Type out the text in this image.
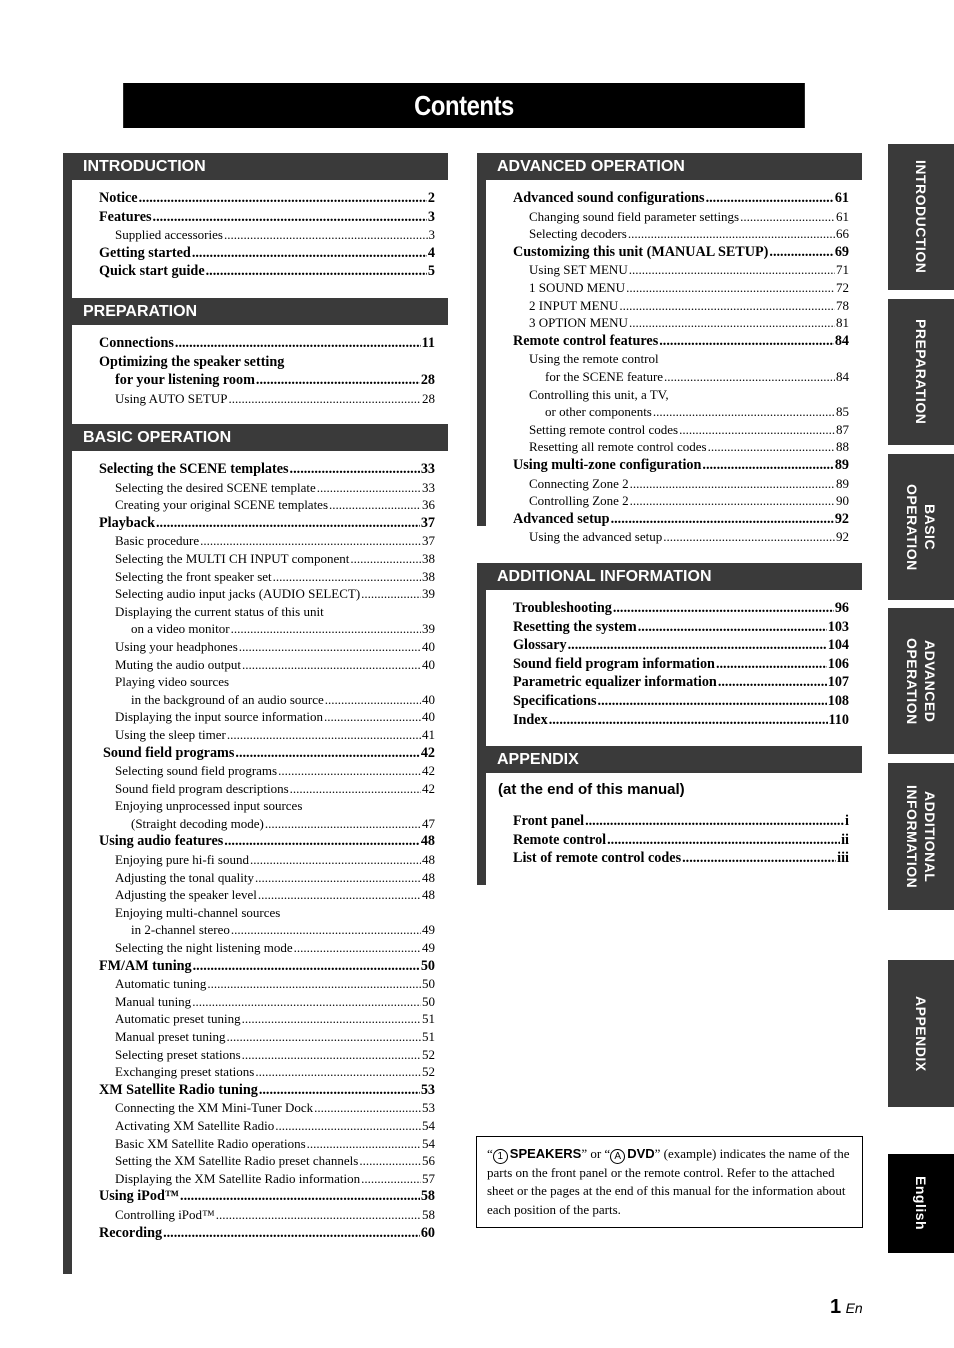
Contents
INTRODUCTION
Notice .....	2
Features .....	3
Supplied accessories .....	3
Getting started .....	4
Quick start guide .....	5
PREPARATION
Connections .....	11
Optimizing the speaker setting
for your listening room .....	28
Using AUTO SETUP .....	28
BASIC OPERATION
Selecting the SCENE templates .....	33
Selecting the desired SCENE template .....	33
Creating your original SCENE templates .....	36
Playback .....	37
Basic procedure .....	37
Selecting the MULTI CH INPUT component .....	38
Selecting the front speaker set .....	38
Selecting audio input jacks (AUDIO SELECT) .....	39
Displaying the current status of this unit
on a video monitor .....	39
Using your headphones .....	40
Muting the audio output .....	40
Playing video sources
in the background of an audio source .....	40
Displaying the input source information .....	40
Using the sleep timer .....	41
Sound field programs .....	42
Selecting sound field programs .....	42
Sound field program descriptions .....	42
Enjoying unprocessed input sources
(Straight decoding mode) .....	47
Using audio features .....	48
Enjoying pure hi-fi sound .....	48
Adjusting the tonal quality .....	48
Adjusting the speaker level .....	48
Enjoying multi-channel sources
in 2-channel stereo .....	49
Selecting the night listening mode .....	49
FM/AM tuning .....	50
Automatic tuning .....	50
Manual tuning .....	50
Automatic preset tuning .....	51
Manual preset tuning .....	51
Selecting preset stations .....	52
Exchanging preset stations .....	52
XM Satellite Radio tuning .....	53
Connecting the XM Mini-Tuner Dock .....	53
Activating XM Satellite Radio .....	54
Basic XM Satellite Radio operations .....	54
Setting the XM Satellite Radio preset channels .....	56
Displaying the XM Satellite Radio information .....	57
Using iPod™ .....	58
Controlling iPod™ .....	58
Recording .....	60
ADVANCED OPERATION
Advanced sound configurations .....	61
Changing sound field parameter settings .....	61
Selecting decoders .....	66
Customizing this unit (MANUAL SETUP) .....	69
Using SET MENU .....	71
1 SOUND MENU .....	72
2 INPUT MENU .....	78
3 OPTION MENU .....	81
Remote control features .....	84
Using the remote control
for the SCENE feature .....	84
Controlling this unit, a TV,
or other components .....	85
Setting remote control codes .....	87
Resetting all remote control codes .....	88
Using multi-zone configuration .....	89
Connecting Zone 2 .....	89
Controlling Zone 2 .....	90
Advanced setup .....	92
Using the advanced setup .....	92
ADDITIONAL INFORMATION
Troubleshooting .....	96
Resetting the system .....	103
Glossary .....	104
Sound field program information .....	106
Parametric equalizer information .....	107
Specifications .....	108
Index .....	110
APPENDIX
(at the end of this manual)
Front panel .....	i
Remote control .....	ii
List of remote control codes .....	iii
INTRODUCTION
PREPARATION
BASIC
OPERATION
ADVANCED
OPERATION
ADDITIONAL
INFORMATION
APPENDIX
English
“ 1 SPEAKERS” or “ A DVD” (example) indicates the name of the parts on the front panel or the remote control. Refer to the attached sheet or the pages at the end of this manual for the information about each position of the parts.
1 En
